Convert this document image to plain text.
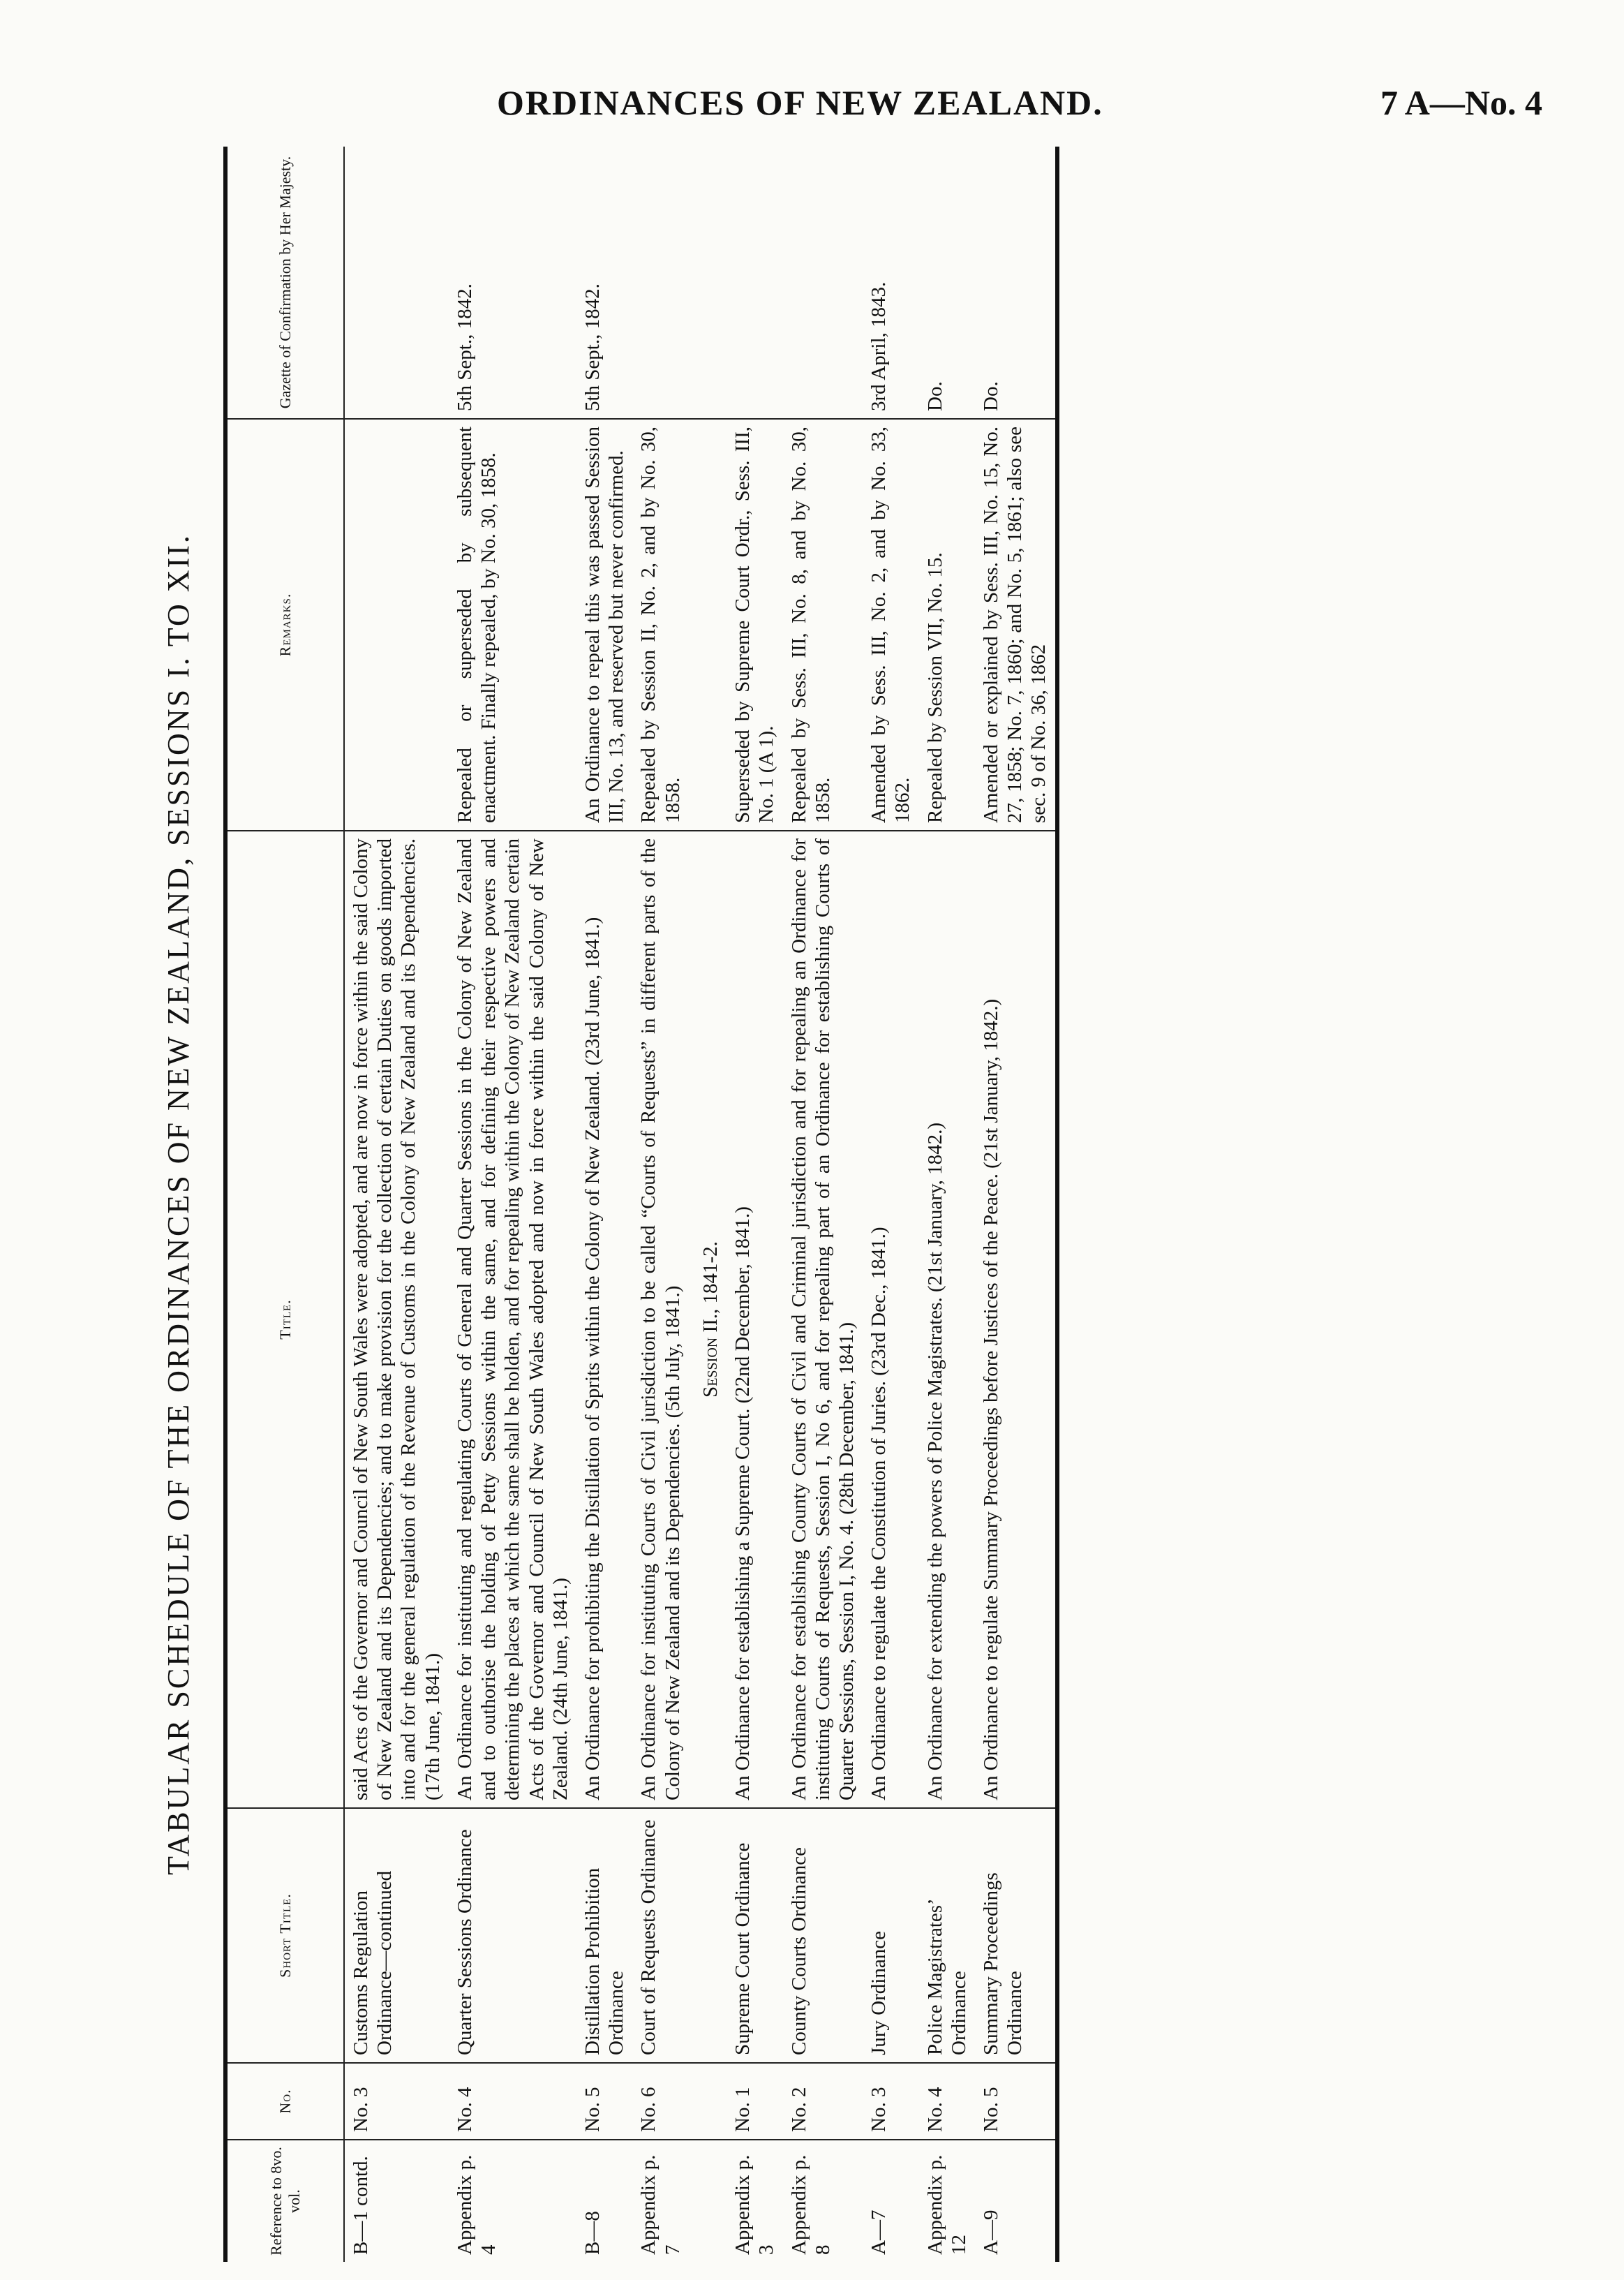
ORDINANCES OF NEW ZEALAND.	7 A—No. 4
TABULAR SCHEDULE OF THE ORDINANCES OF NEW ZEALAND, SESSIONS I. TO XII.
Reference to 8vo. vol.	No.	Short Title.	Title.	Remarks.	Gazette of Confirmation by Her Majesty.
B—1 contd.	No. 3	Customs Regulation Ordinance—continued	said Acts of the Governor and Council of New South Wales were adopted, and are now in force within the said Colony of New Zealand and its Dependencies; and to make provision for the collection of certain Duties on goods imported into and for the general regulation of the Revenue of Customs in the Colony of New Zealand and its Dependencies. (17th June, 1841.)		
Appendix p. 4	No. 4	Quarter Sessions Ordinance	An Ordinance for instituting and regulating Courts of General and Quarter Sessions in the Colony of New Zealand and to outhorise the holding of Petty Sessions within the same, and for defining their respective powers and determining the places at which the same shall be holden, and for repealing within the Colony of New Zealand certain Acts of the Governor and Council of New South Wales adopted and now in force within the said Colony of New Zealand. (24th June, 1841.)	Repealed or superseded by subsequent enactment. Finally repealed, by No. 30, 1858.	5th Sept., 1842.
B—8	No. 5	Distillation Prohibition Ordinance	An Ordinance for prohibiting the Distillation of Sprits within the Colony of New Zealand. (23rd June, 1841.)	An Ordinance to repeal this was passed Session III, No. 13, and reserved but never confirmed.	5th Sept., 1842.
Appendix p. 7	No. 6	Court of Requests Ordinance	An Ordinance for instituting Courts of Civil jurisdiction to be called “Courts of Requests” in different parts of the Colony of New Zealand and its Dependencies. (5th July, 1841.)	Repealed by Session II, No. 2, and by No. 30, 1858.	
			Session II., 1841-2.		
Appendix p. 3	No. 1	Supreme Court Ordinance	An Ordinance for establishing a Supreme Court. (22nd December, 1841.)	Superseded by Supreme Court Ordr., Sess. III, No. 1 (A 1).	
Appendix p. 8	No. 2	County Courts Ordinance	An Ordinance for establishing County Courts of Civil and Criminal jurisdiction and for repealing an Ordinance for instituting Courts of Requests, Session I, No 6, and for repealing part of an Ordinance for establishing Courts of Quarter Sessions, Session I, No. 4. (28th December, 1841.)	Repealed by Sess. III, No. 8, and by No. 30, 1858.	
A—7	No. 3	Jury Ordinance	An Ordinance to regulate the Constitution of Juries. (23rd Dec., 1841.)	Amended by Sess. III, No. 2, and by No. 33, 1862.	3rd April, 1843.
Appendix p. 12	No. 4	Police Magistrates’ Ordinance	An Ordinance for extending the powers of Police Magistrates. (21st January, 1842.)	Repealed by Session VII, No. 15.	Do.
A—9	No. 5	Summary Proceedings Ordinance	An Ordinance to regulate Summary Proceedings before Justices of the Peace. (21st January, 1842.)	Amended or explained by Sess. III, No. 15, No. 27, 1858; No. 7, 1860; and No. 5, 1861; also see sec. 9 of No. 36, 1862	Do.
